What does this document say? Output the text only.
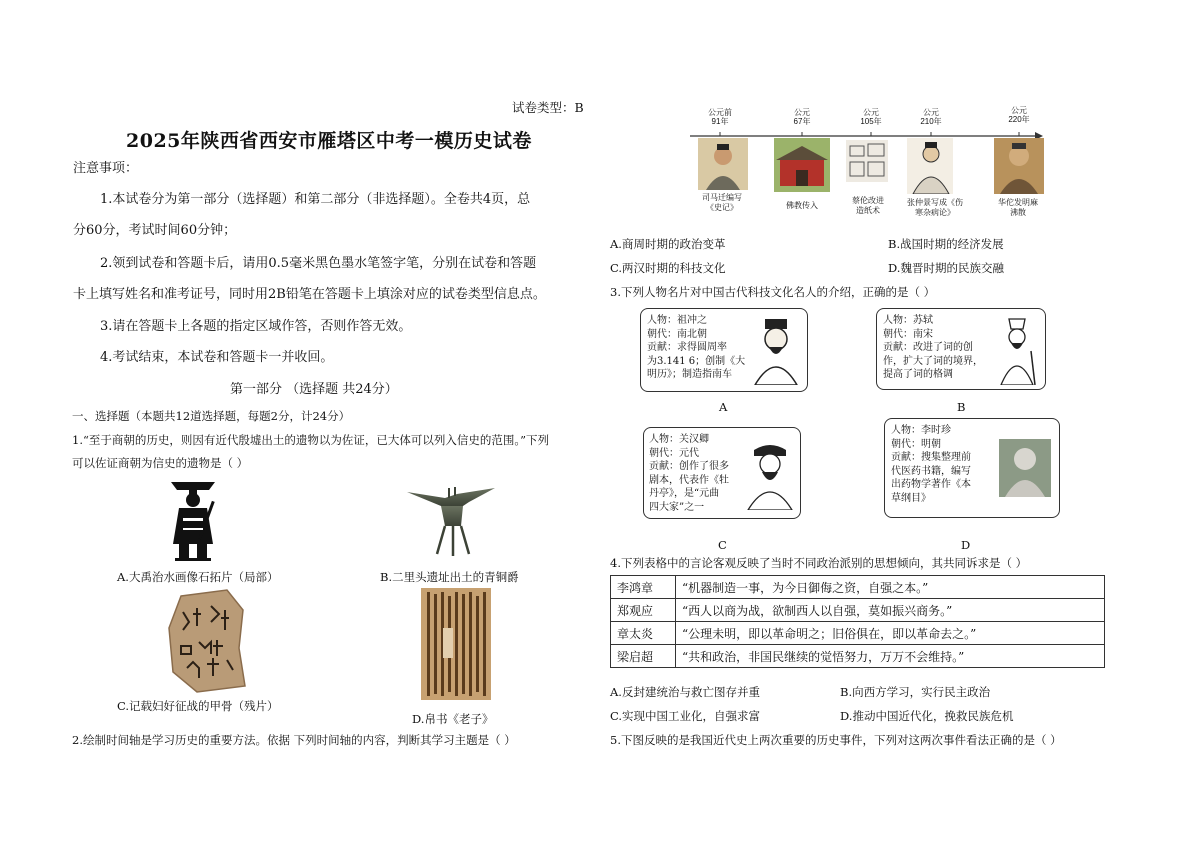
试卷类型：B
2025年陕西省西安市雁塔区中考一模历史试卷
注意事项：
1.本试卷分为第一部分（选择题）和第二部分（非选择题）。全卷共4页，总
分60分，考试时间60分钟；
2.领到试卷和答题卡后，请用0.5毫米黑色墨水笔签字笔，分别在试卷和答题
卡上填写姓名和准考证号，同时用2B铅笔在答题卡上填涂对应的试卷类型信息点。
3.请在答题卡上各题的指定区域作答，否则作答无效。
4.考试结束，本试卷和答题卡一并收回。
第一部分 （选择题 共24分）
一、选择题（本题共12道选择题，每题2分，计24分）
1.“至于商朝的历史，则因有近代殷墟出土的遗物以为佐证，已大体可以列入信史的范围。”下列
可以佐证商朝为信史的遗物是（ ）
A.大禹治水画像石拓片（局部）	B.二里头遗址出土的青铜爵
C.记载妇好征战的甲骨（残片）
D.帛书《老子》
2.绘制时间轴是学习历史的重要方法。依据 下列时间轴的内容，判断其学习主题是（ ）
公元前
91年
公元
67年
公元
105年
公元
210年
公元
220年
司马迁编写
《史记》	佛教传入
蔡伦改进
造纸术
张仲景写成《伤
寒杂病论》
华佗发明麻
沸散
A.商周时期的政治变革	B.战国时期的经济发展
C.两汉时期的科技文化	D.魏晋时期的民族交融
3.下列人物名片对中国古代科技文化名人的介绍，正确的是（ ）
人物：祖冲之
朝代：南北朝
贡献：求得圆周率
为3.141 6；创制《大
明历》；制造指南车
A
人物：苏轼
朝代：南宋
贡献：改进了词的创
作，扩大了词的境界，
提高了词的格调
B
人物：关汉卿
朝代：元代
贡献：创作了很多
剧本，代表作《牡
丹亭》，是“元曲
四大家”之一
C
人物：李时珍
朝代：明朝
贡献：搜集整理前
代医药书籍，编写
出药物学著作《本
草纲目》
D
4.下列表格中的言论客观反映了当时不同政治派别的思想倾向，其共同诉求是（ ）
李鸿章	“机器制造一事，为今日御侮之资，自强之本。”
郑观应	“西人以商为战，欲制西人以自强，莫如振兴商务。”
章太炎	“公理未明，即以革命明之；旧俗俱在，即以革命去之。”
梁启超	“共和政治，非国民继续的觉悟努力，万万不会维持。”
A.反封建统治与救亡图存并重	B.向西方学习，实行民主政治
C.实现中国工业化，自强求富	D.推动中国近代化，挽救民族危机
5.下图反映的是我国近代史上两次重要的历史事件，下列对这两次事件看法正确的是（ ）
